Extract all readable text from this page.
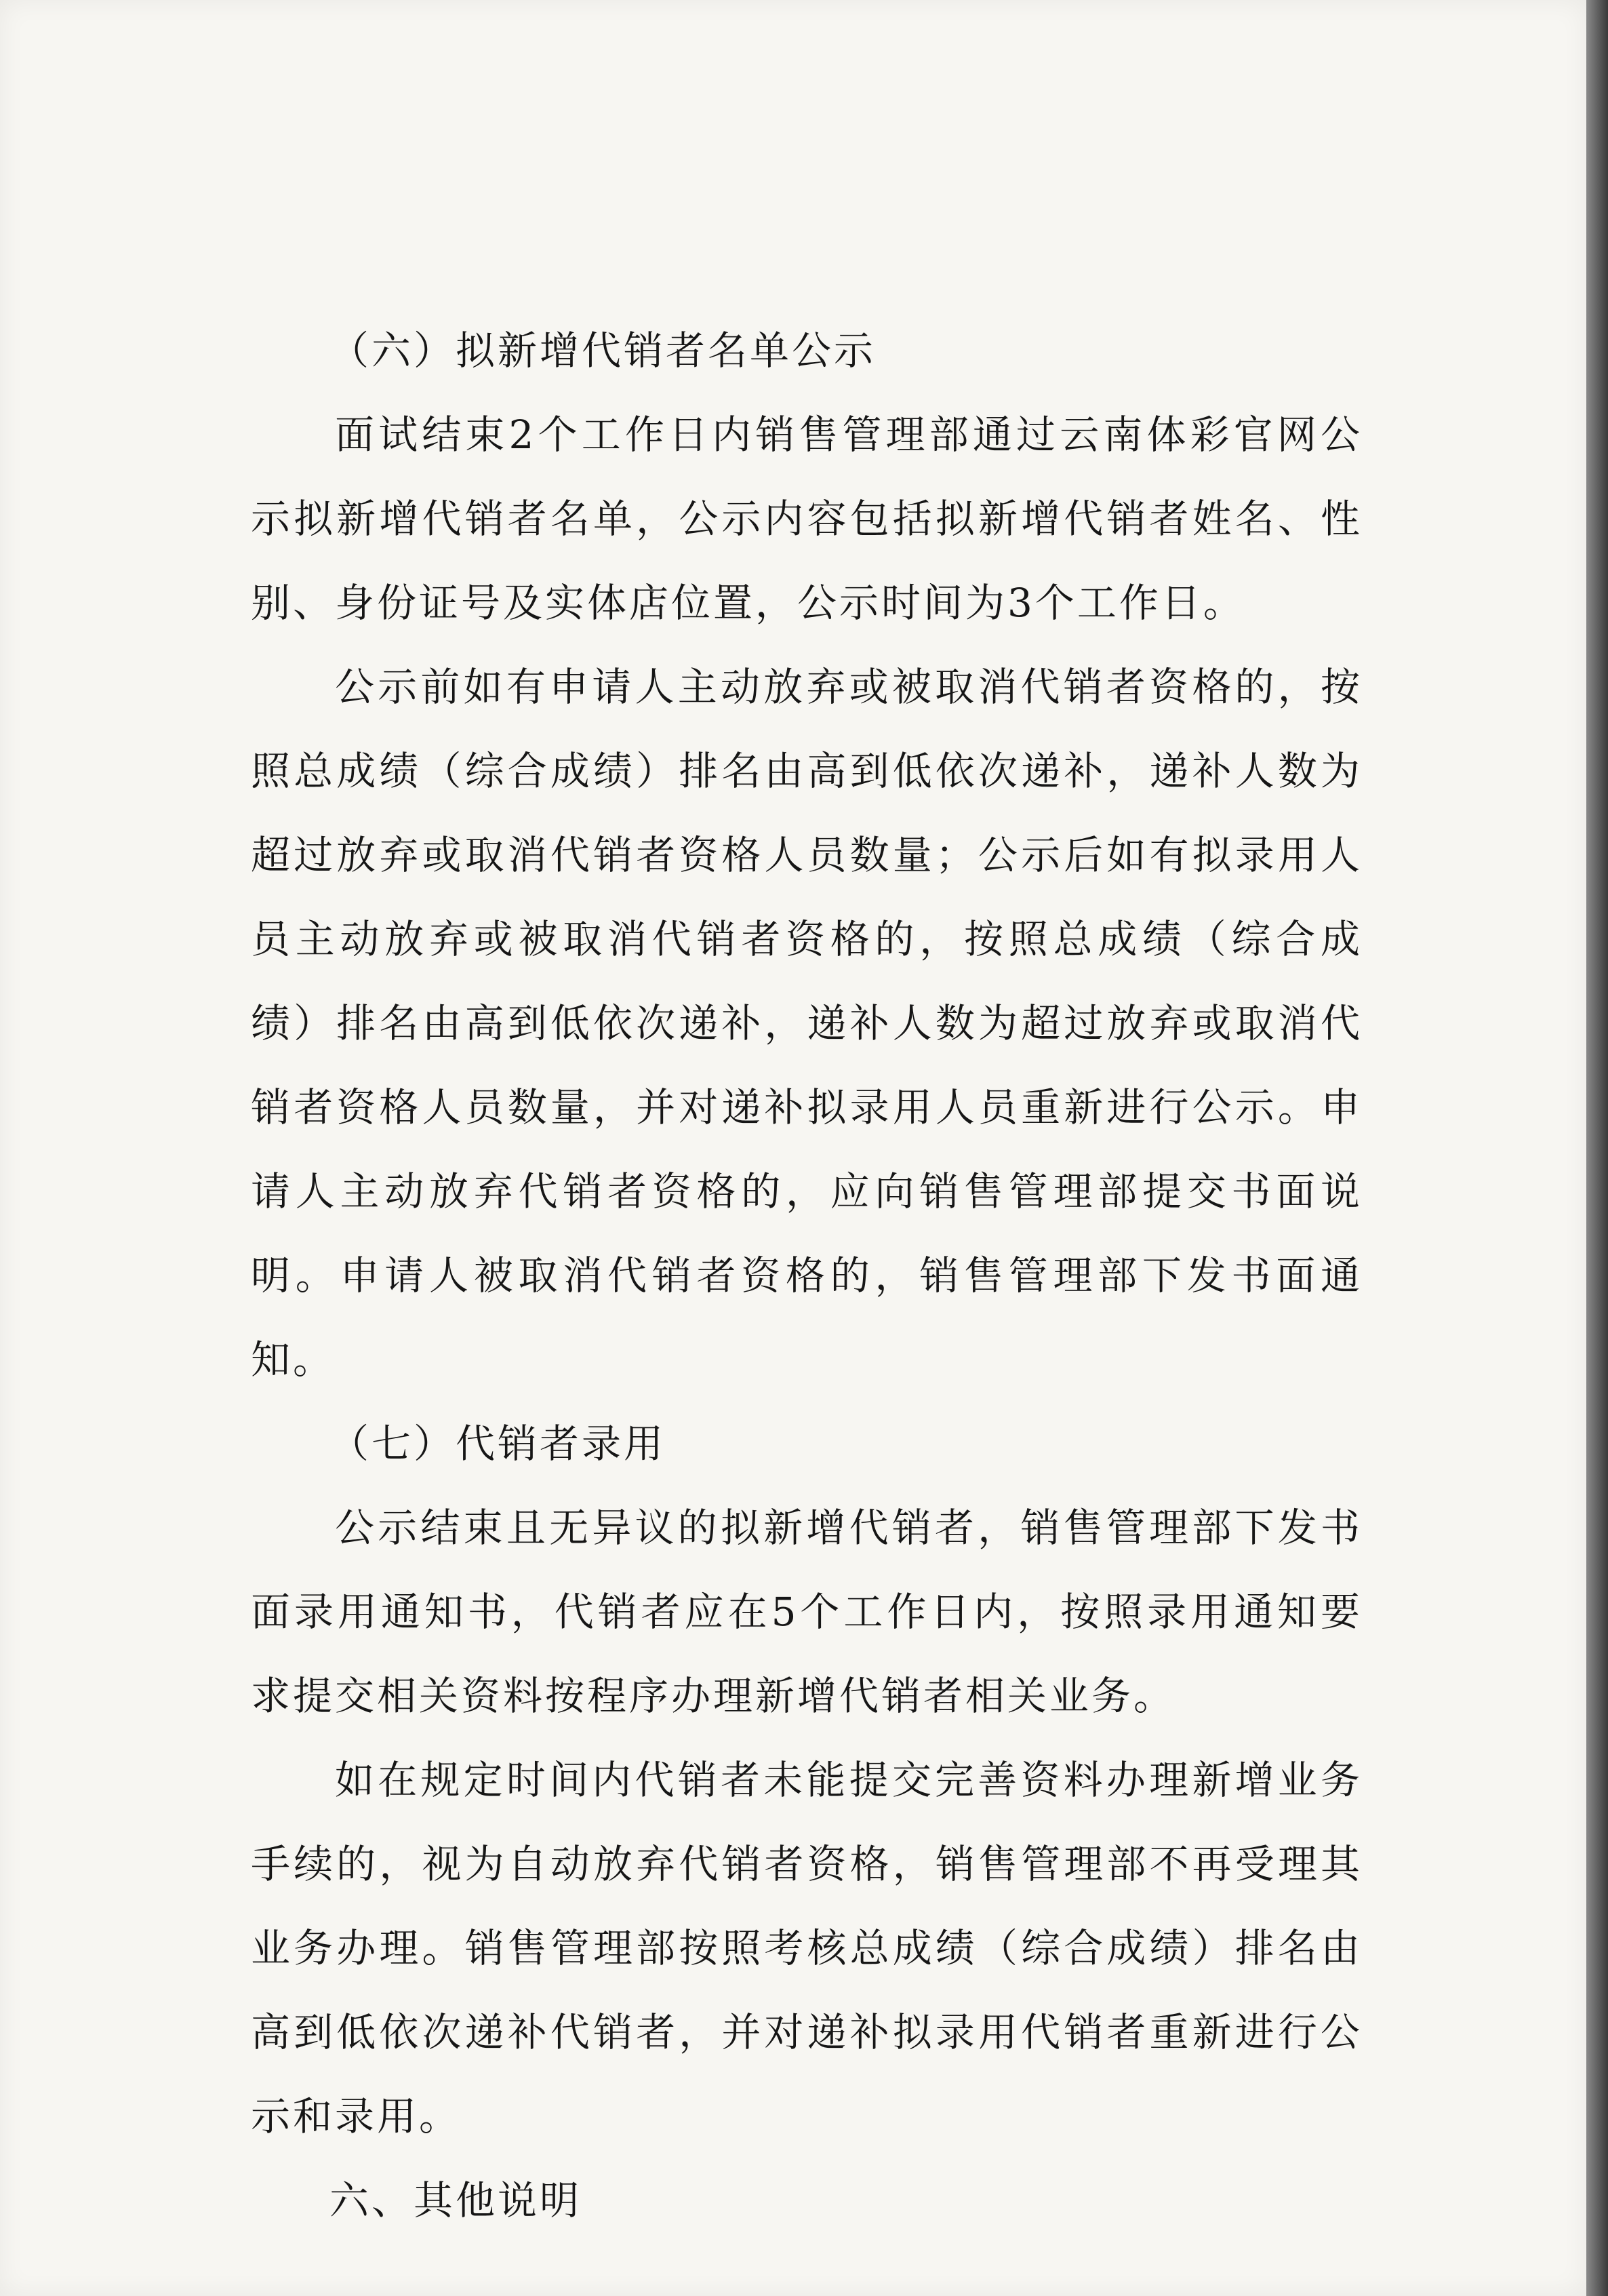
（六）拟新增代销者名单公示

面试结束2个工作日内销售管理部通过云南体彩官网公示拟新增代销者名单，公示内容包括拟新增代销者姓名、性别、身份证号及实体店位置，公示时间为3个工作日。

公示前如有申请人主动放弃或被取消代销者资格的，按照总成绩（综合成绩）排名由高到低依次递补，递补人数为超过放弃或取消代销者资格人员数量；公示后如有拟录用人员主动放弃或被取消代销者资格的，按照总成绩（综合成绩）排名由高到低依次递补，递补人数为超过放弃或取消代销者资格人员数量，并对递补拟录用人员重新进行公示。申请人主动放弃代销者资格的，应向销售管理部提交书面说明。申请人被取消代销者资格的，销售管理部下发书面通知。

（七）代销者录用

公示结束且无异议的拟新增代销者，销售管理部下发书面录用通知书，代销者应在5个工作日内，按照录用通知要求提交相关资料按程序办理新增代销者相关业务。

如在规定时间内代销者未能提交完善资料办理新增业务手续的，视为自动放弃代销者资格，销售管理部不再受理其业务办理。销售管理部按照考核总成绩（综合成绩）排名由高到低依次递补代销者，并对递补拟录用代销者重新进行公示和录用。

六、其他说明
